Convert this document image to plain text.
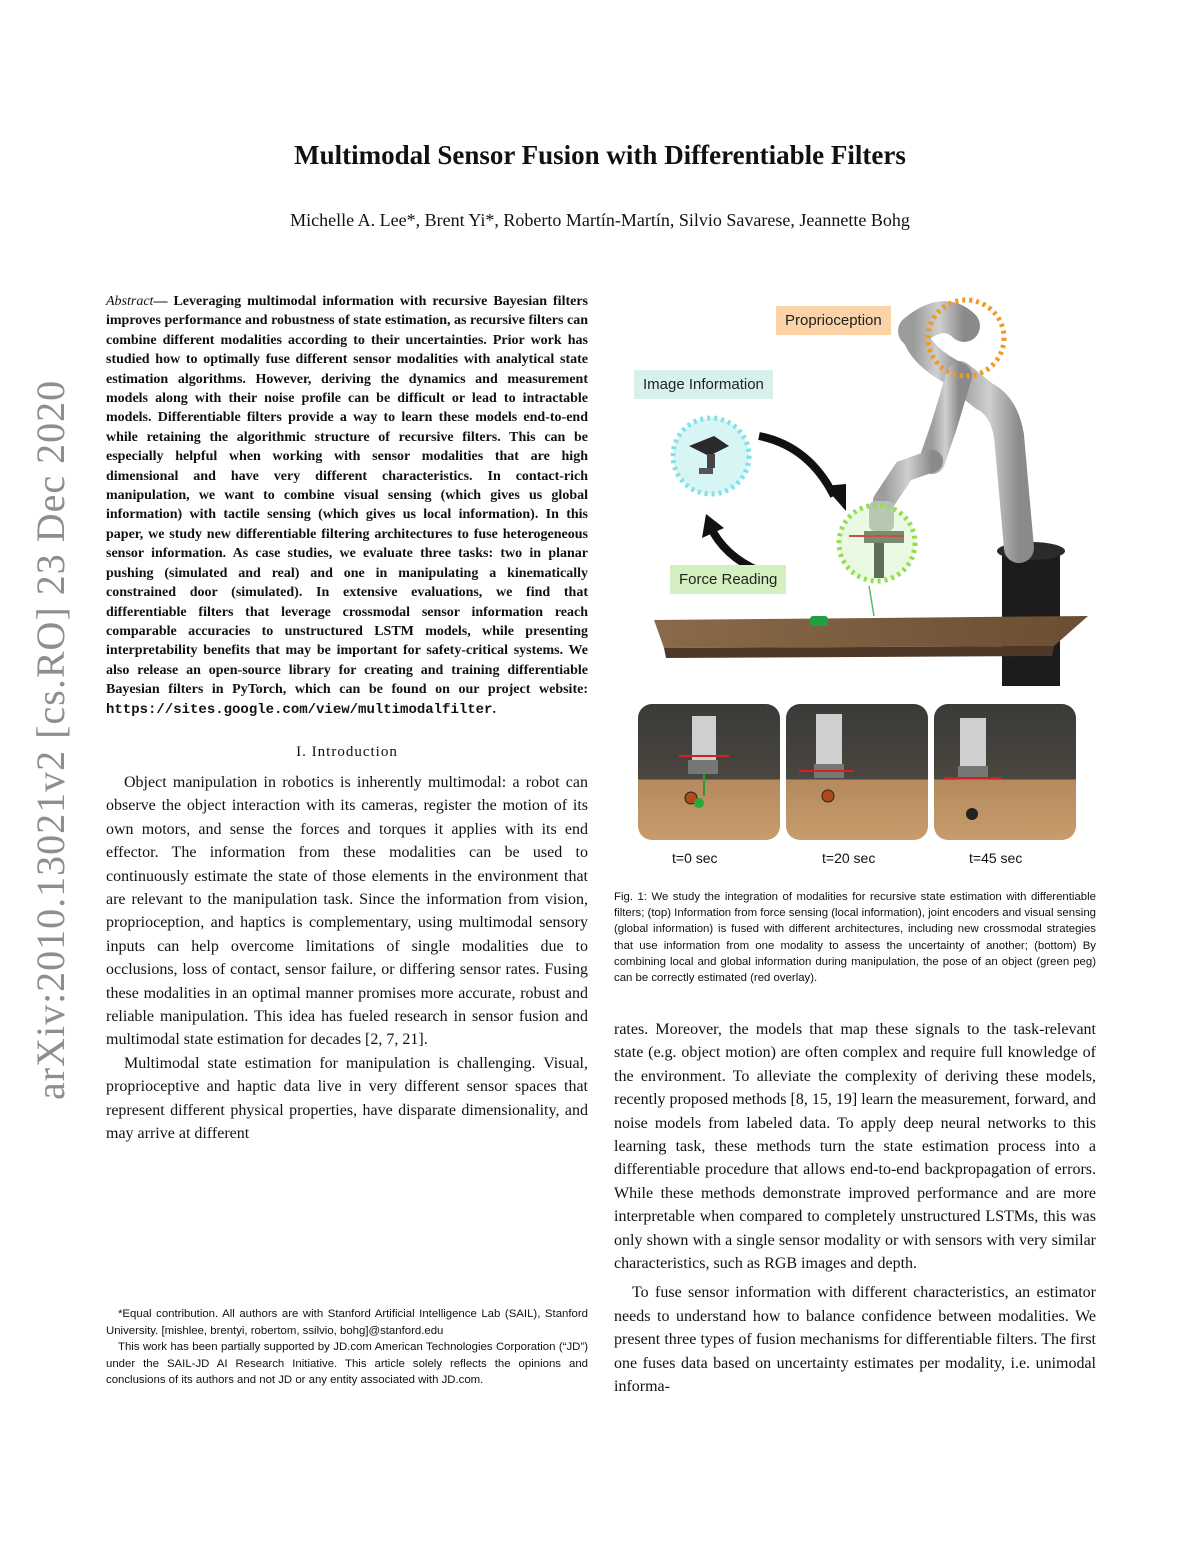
arXiv:2010.13021v2 [cs.RO] 23 Dec 2020
Multimodal Sensor Fusion with Differentiable Filters
Michelle A. Lee*, Brent Yi*, Roberto Martín-Martín, Silvio Savarese, Jeannette Bohg

Abstract— Leveraging multimodal information with recursive Bayesian filters improves performance and robustness of state estimation, as recursive filters can combine different modalities according to their uncertainties. Prior work has studied how to optimally fuse different sensor modalities with analytical state estimation algorithms. However, deriving the dynamics and measurement models along with their noise profile can be difficult or lead to intractable models. Differentiable filters provide a way to learn these models end-to-end while retaining the algorithmic structure of recursive filters. This can be especially helpful when working with sensor modalities that are high dimensional and have very different characteristics. In contact-rich manipulation, we want to combine visual sensing (which gives us global information) with tactile sensing (which gives us local information). In this paper, we study new differentiable filtering architectures to fuse heterogeneous sensor information. As case studies, we evaluate three tasks: two in planar pushing (simulated and real) and one in manipulating a kinematically constrained door (simulated). In extensive evaluations, we find that differentiable filters that leverage crossmodal sensor information reach comparable accuracies to unstructured LSTM models, while presenting interpretability benefits that may be important for safety-critical systems. We also release an open-source library for creating and training differentiable Bayesian filters in PyTorch, which can be found on our project website: https://sites.google.com/view/multimodalfilter.

I. Introduction

Object manipulation in robotics is inherently multimodal: a robot can observe the object interaction with its cameras, register the motion of its own motors, and sense the forces and torques it applies with its end effector. The information from these modalities can be used to continuously estimate the state of those elements in the environment that are relevant to the manipulation task. Since the information from vision, proprioception, and haptics is complementary, using multimodal sensory inputs can help overcome limitations of single modalities due to occlusions, loss of contact, sensor failure, or differing sensor rates. Fusing these modalities in an optimal manner promises more accurate, robust and reliable manipulation. This idea has fueled research in sensor fusion and multimodal state estimation for decades [2, 7, 21].

Multimodal state estimation for manipulation is challenging. Visual, proprioceptive and haptic data live in very different sensor spaces that represent different physical properties, have disparate dimensionality, and may arrive at different

*Equal contribution. All authors are with Stanford Artificial Intelligence Lab (SAIL), Stanford University. [mishlee, brentyi, robertom, ssilvio, bohg]@stanford.edu

This work has been partially supported by JD.com American Technologies Corporation (“JD”) under the SAIL-JD AI Research Initiative. This article solely reflects the opinions and conclusions of its authors and not JD or any entity associated with JD.com.

Proprioception
Image Information
Force Reading
t=0 sec	t=20 sec	t=45 sec
Fig. 1: We study the integration of modalities for recursive state estimation with differentiable filters; (top) Information from force sensing (local information), joint encoders and visual sensing (global information) is fused with different architectures, including new crossmodal strategies that use information from one modality to assess the uncertainty of another; (bottom) By combining local and global information during manipulation, the pose of an object (green peg) can be correctly estimated (red overlay).

rates. Moreover, the models that map these signals to the task-relevant state (e.g. object motion) are often complex and require full knowledge of the environment. To alleviate the complexity of deriving these models, recently proposed methods [8, 15, 19] learn the measurement, forward, and noise models from labeled data. To apply deep neural networks to this learning task, these methods turn the state estimation process into a differentiable procedure that allows end-to-end backpropagation of errors. While these methods demonstrate improved performance and are more interpretable when compared to completely unstructured LSTMs, this was only shown with a single sensor modality or with sensors with very similar characteristics, such as RGB images and depth.

To fuse sensor information with different characteristics, an estimator needs to understand how to balance confidence between modalities. We present three types of fusion mechanisms for differentiable filters. The first one fuses data based on uncertainty estimates per modality, i.e. unimodal informa-
